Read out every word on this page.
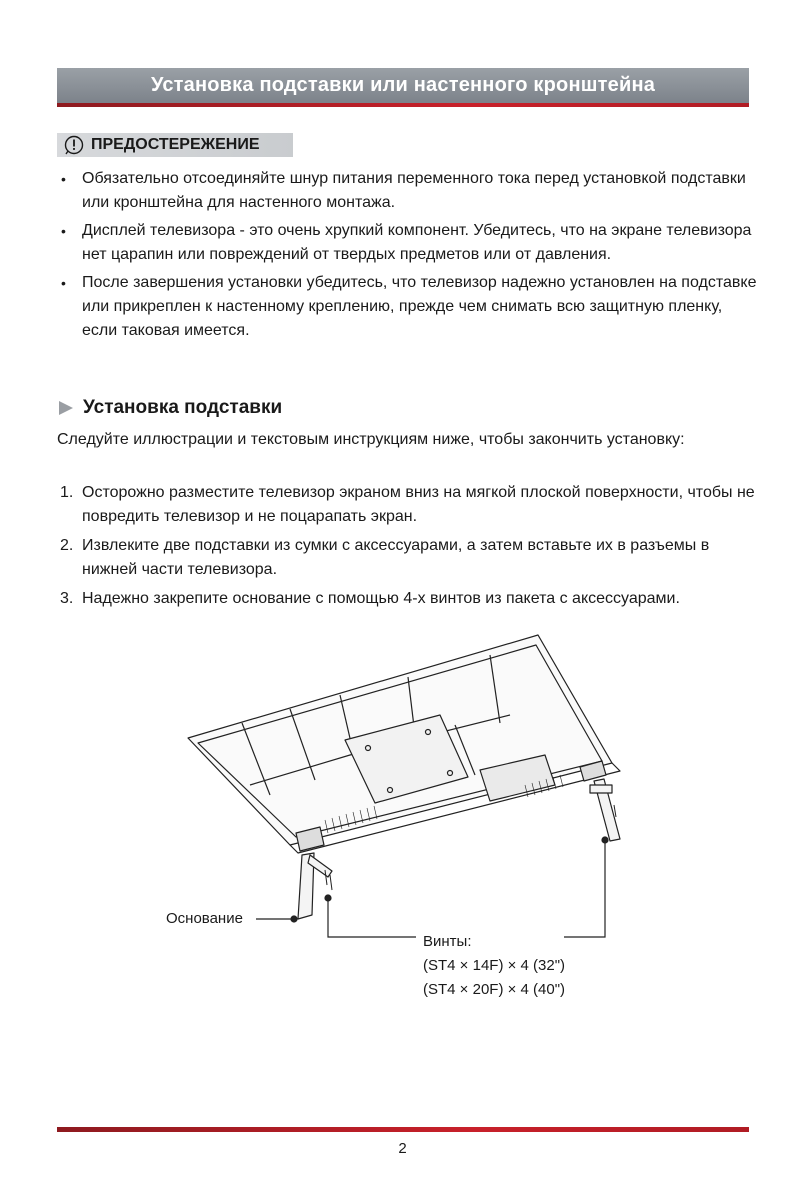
Установка подставки или настенного кронштейна
ПРЕДОСТЕРЕЖЕНИЕ
• Обязательно отсоединяйте шнур питания переменного тока перед установкой подставки или кронштейна для настенного монтажа.
• Дисплей телевизора - это очень хрупкий компонент. Убедитесь, что на экране телевизора нет царапин или повреждений от твердых предметов или от давления.
• После завершения установки убедитесь, что телевизор надежно установлен на подставке или прикреплен к настенному креплению, прежде чем снимать всю защитную пленку, если таковая имеется.
Установка подставки
Следуйте иллюстрации и текстовым инструкциям ниже, чтобы закончить установку:
1. Осторожно разместите телевизор экраном вниз на мягкой плоской поверхности, чтобы не повредить телевизор и не поцарапать экран.
2. Извлеките две подставки из сумки с аксессуарами, а затем вставьте их в разъемы в нижней части телевизора.
3. Надежно закрепите основание с помощью 4-х винтов из пакета с аксессуарами.
Основание
Винты:
(ST4 × 14F) × 4 (32")
(ST4 × 20F) × 4 (40")
2
